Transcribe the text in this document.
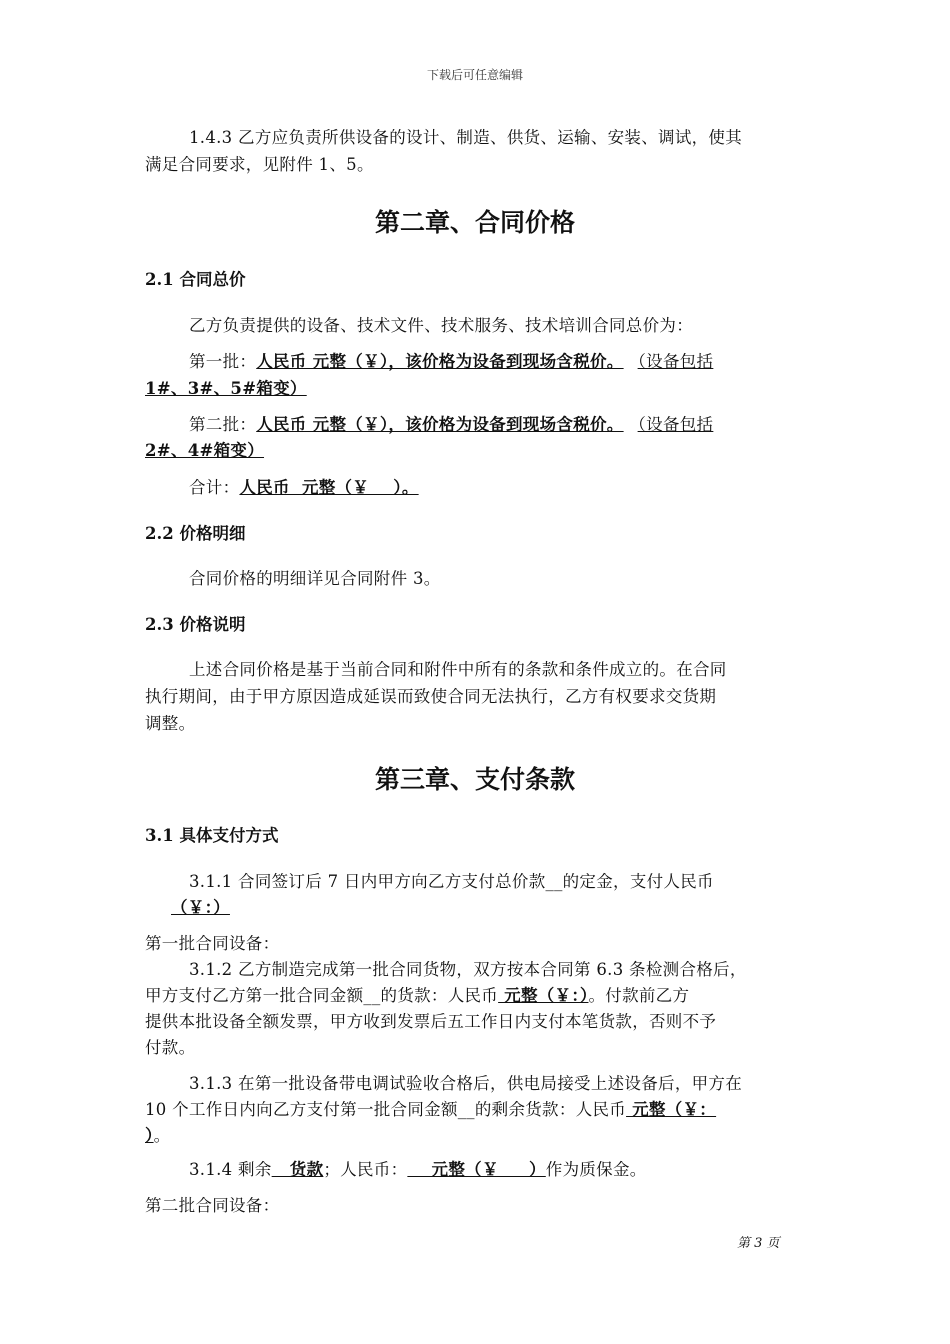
下载后可任意编辑
1.4.3 乙方应负责所供设备的设计、制造、供货、运输、安装、调试，使其
满足合同要求，见附件 1、5。
第二章、合同价格
2.1 合同总价
乙方负责提供的设备、技术文件、技术服务、技术培训合同总价为：
第一批：人民币 元整（￥），该价格为设备到现场含税价。 （设备包括
1#、3#、5#箱变）
第二批：人民币 元整（￥），该价格为设备到现场含税价。 （设备包括
2#、4#箱变）
合计：人民币  元整（￥    ）。
2.2 价格明细
合同价格的明细详见合同附件 3。
2.3 价格说明
上述合同价格是基于当前合同和附件中所有的条款和条件成立的。在合同
执行期间，由于甲方原因造成延误而致使合同无法执行，乙方有权要求交货期
调整。
第三章、支付条款
3.1 具体支付方式
3.1.1 合同签订后 7 日内甲方向乙方支付总价款__的定金，支付人民币
（￥：）
第一批合同设备：
3.1.2 乙方制造完成第一批合同货物，双方按本合同第 6.3 条检测合格后，
甲方支付乙方第一批合同金额__的货款：人民币 元整（￥：）。付款前乙方
提供本批设备全额发票，甲方收到发票后五工作日内支付本笔货款，否则不予
付款。
3.1.3 在第一批设备带电调试验收合格后，供电局接受上述设备后，甲方在
10 个工作日内向乙方支付第一批合同金额__的剩余货款：人民币 元整（￥：
）。
3.1.4 剩余   货款；人民币：    元整（￥     ）作为质保金。
第二批合同设备：
第 3 页
